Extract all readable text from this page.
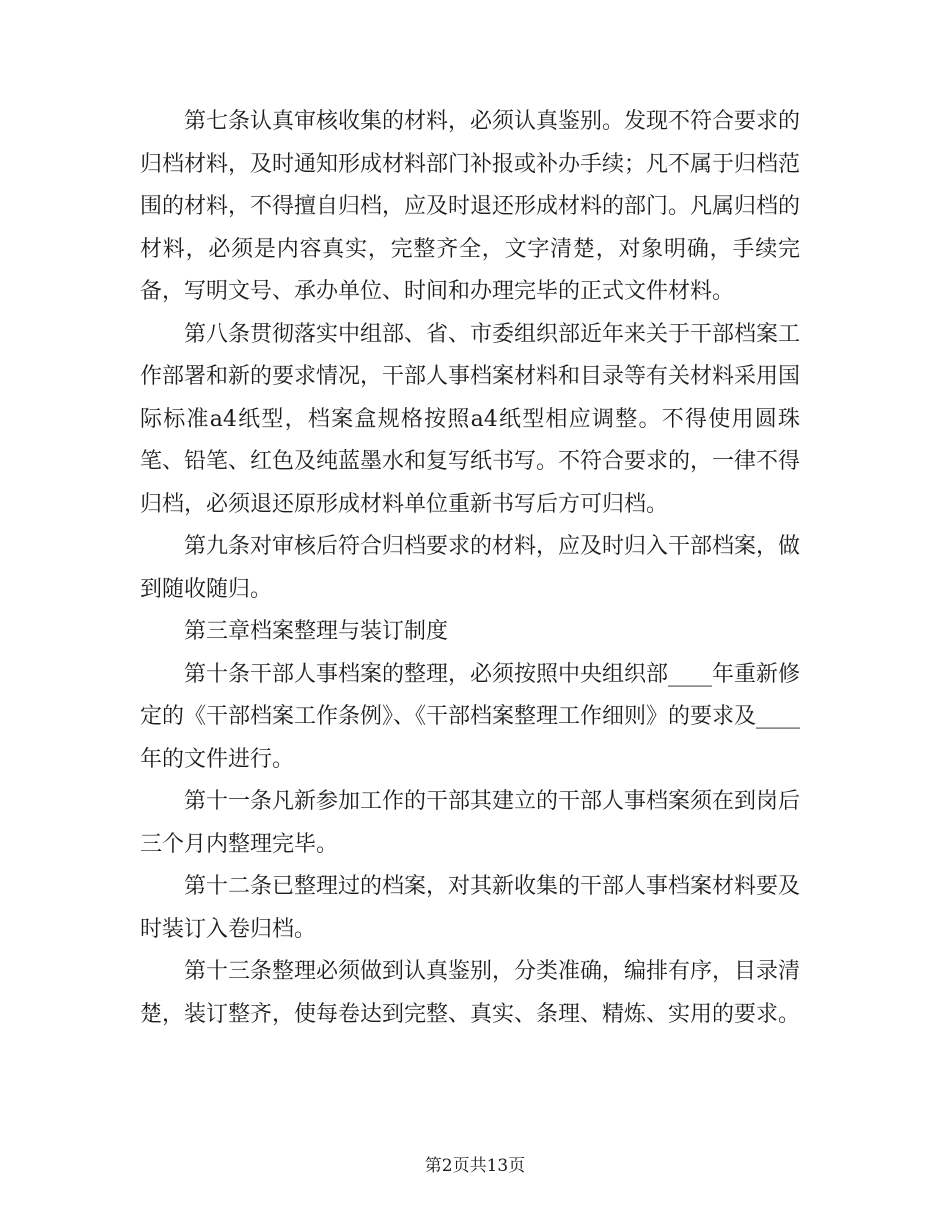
第七条认真审核收集的材料，必须认真鉴别。发现不符合要求的归档材料，及时通知形成材料部门补报或补办手续；凡不属于归档范围的材料，不得擅自归档，应及时退还形成材料的部门。凡属归档的材料，必须是内容真实，完整齐全，文字清楚，对象明确，手续完备，写明文号、承办单位、时间和办理完毕的正式文件材料。

第八条贯彻落实中组部、省、市委组织部近年来关于干部档案工作部署和新的要求情况，干部人事档案材料和目录等有关材料采用国际标准a4纸型，档案盒规格按照a4纸型相应调整。不得使用圆珠笔、铅笔、红色及纯蓝墨水和复写纸书写。不符合要求的，一律不得归档，必须退还原形成材料单位重新书写后方可归档。

第九条对审核后符合归档要求的材料，应及时归入干部档案，做到随收随归。

第三章档案整理与装订制度

第十条干部人事档案的整理，必须按照中央组织部____年重新修定的《干部档案工作条例》、《干部档案整理工作细则》的要求及____年的文件进行。

第十一条凡新参加工作的干部其建立的干部人事档案须在到岗后三个月内整理完毕。

第十二条已整理过的档案，对其新收集的干部人事档案材料要及时装订入卷归档。

第十三条整理必须做到认真鉴别，分类准确，编排有序，目录清楚，装订整齐，使每卷达到完整、真实、条理、精炼、实用的要求。

第2页共13页
